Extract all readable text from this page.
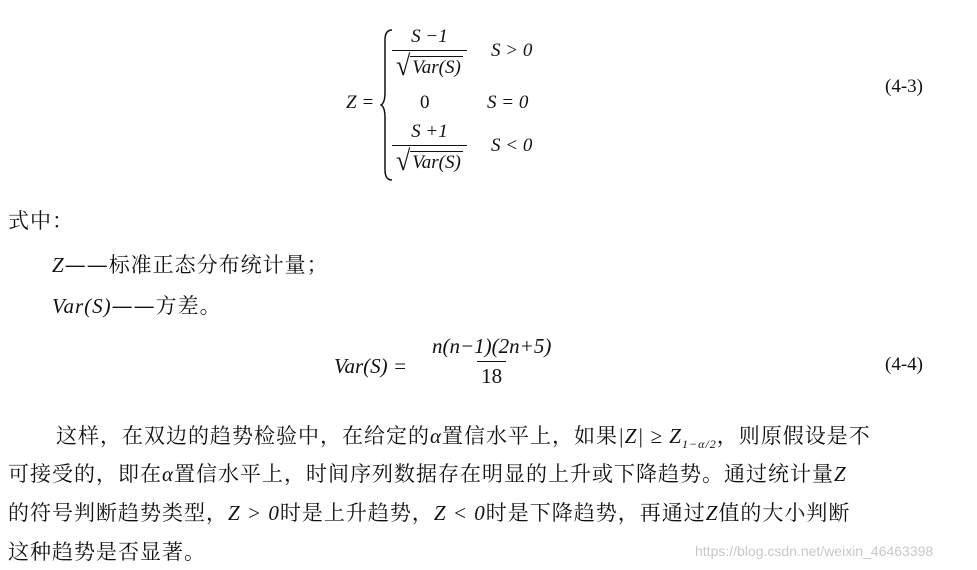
Z =
$\frac{S -1}{\text{√ Var(S)}}$ S > 0
0	S = 0
$\frac{S +1}{\text{√ Var(S)}}$ S < 0
(4-3)
式中：
Z——标准正态分布统计量；
Var(S)——方差。
$Var(S) = \frac{n(n-1)(2n+5)}{18}$	(4-4)
这样，在双边的趋势检验中，在给定的α置信水平上，如果$|Z| \ge Z_{1-\alpha/2}$，则原假设是不
可接受的，即在α置信水平上，时间序列数据存在明显的上升或下降趋势。通过统计量Z
的符号判断趋势类型，Z > 0时是上升趋势，Z < 0时是下降趋势，再通过Z值的大小判断
这种趋势是否显著。	https://blog.csdn.net/weixin_46463398
